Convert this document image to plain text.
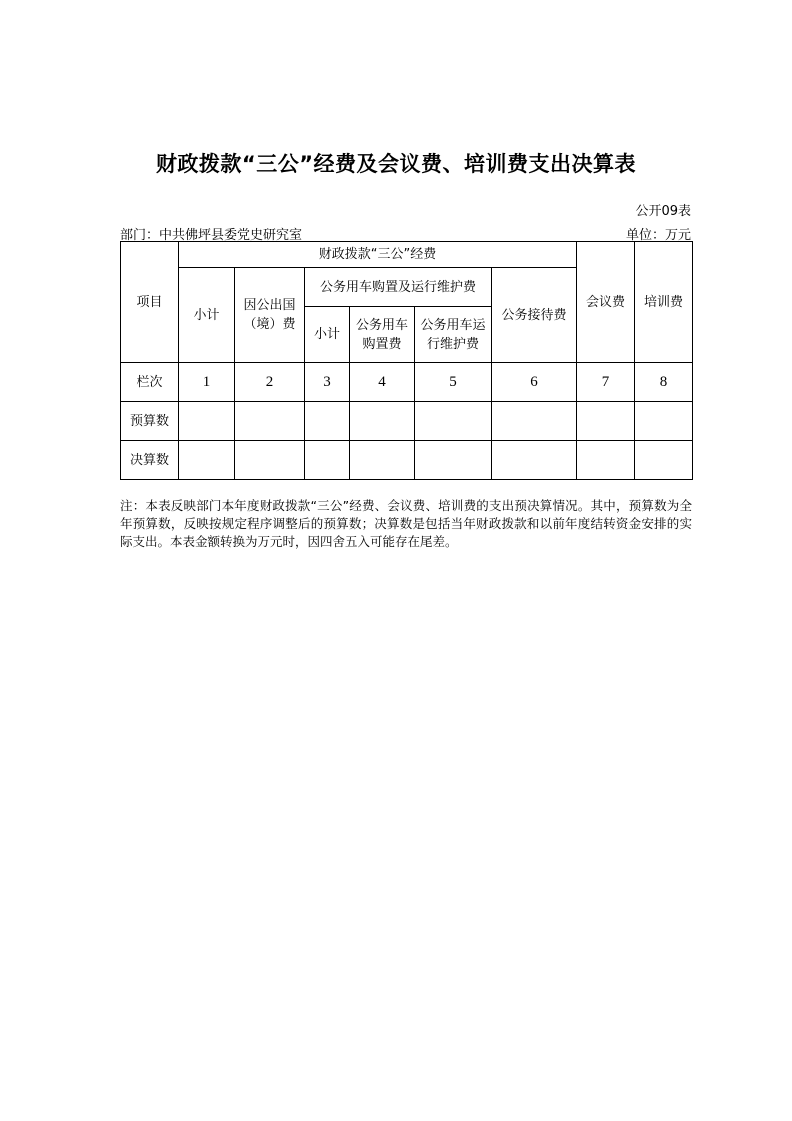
财政拨款“三公”经费及会议费、培训费支出决算表
公开09表
部门：中共佛坪县委党史研究室	单位：万元
项目	财政拨款“三公”经费						会议费	培训费
	小计	因公出国（境）费	公务用车购置及运行维护费			公务接待费		
			小计	公务用车购置费	公务用车运行维护费			
栏次	1	2	3	4	5	6	7	8
预算数								
决算数								
注：本表反映部门本年度财政拨款“三公”经费、会议费、培训费的支出预决算情况。其中，预算数为全年预算数，反映按规定程序调整后的预算数；决算数是包括当年财政拨款和以前年度结转资金安排的实际支出。本表金额转换为万元时，因四舍五入可能存在尾差。
